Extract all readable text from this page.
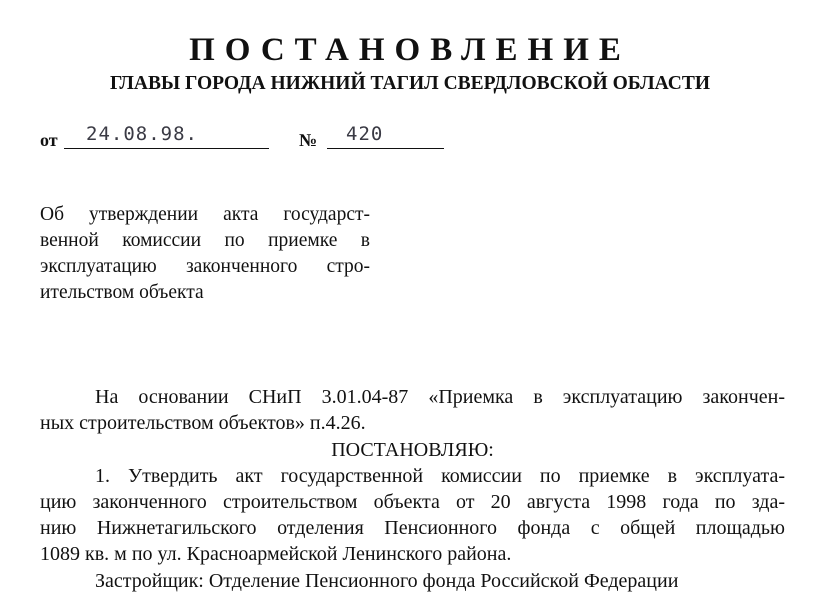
ПОСТАНОВЛЕНИЕ
ГЛАВЫ ГОРОДА НИЖНИЙ ТАГИЛ СВЕРДЛОВСКОЙ ОБЛАСТИ
от 24.08.98.	№ 420
Об утверждении акта государст-
венной комиссии по приемке в
эксплуатацию законченного стро-
ительством объекта
На основании СНиП 3.01.04-87 «Приемка в эксплуатацию закончен-
ных строительством объектов» п.4.26.
ПОСТАНОВЛЯЮ:
1. Утвердить акт государственной комиссии по приемке в эксплуата-
цию законченного строительством объекта от 20 августа 1998 года по зда-
нию Нижнетагильского отделения Пенсионного фонда с общей площадью
1089 кв. м по ул. Красноармейской Ленинского района.
Застройщик: Отделение Пенсионного фонда Российской Федерации
